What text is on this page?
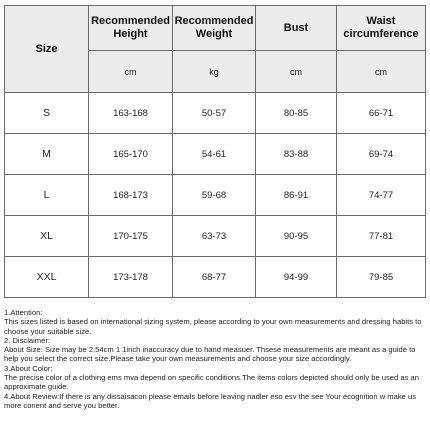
Size	Recommended Height	Recommended Weight	Bust	Waist circumference
	cm	kg	cm	cm
S	163-168	50-57	80-85	66-71
M	165-170	54-61	83-88	69-74
L	168-173	59-68	86-91	74-77
XL	170-175	63-73	90-95	77-81
XXL	173-178	68-77	94-99	79-85

1.Attention:

This sizes listed is based on international sizing system, please according to your own measurements and dressing habits to choose your suitable size.

2. Disclaimer:

About Size: Size may be 2.54cm 1 1inch inaccuracy due to hand measuer. Thsese measurements are meant as a guide to help you select the correct size.Please take your own measurements and choose your size accordingly.

3.About Color:

The precise color of a clothing ems mva depend on specific conditions.The items colors depicted should only be used as an approximate guide.

4.About Review:If there is any dissaisacon please emails before leaving nadler eso esv the see Your ecognition w make us more conent and serve you better.
